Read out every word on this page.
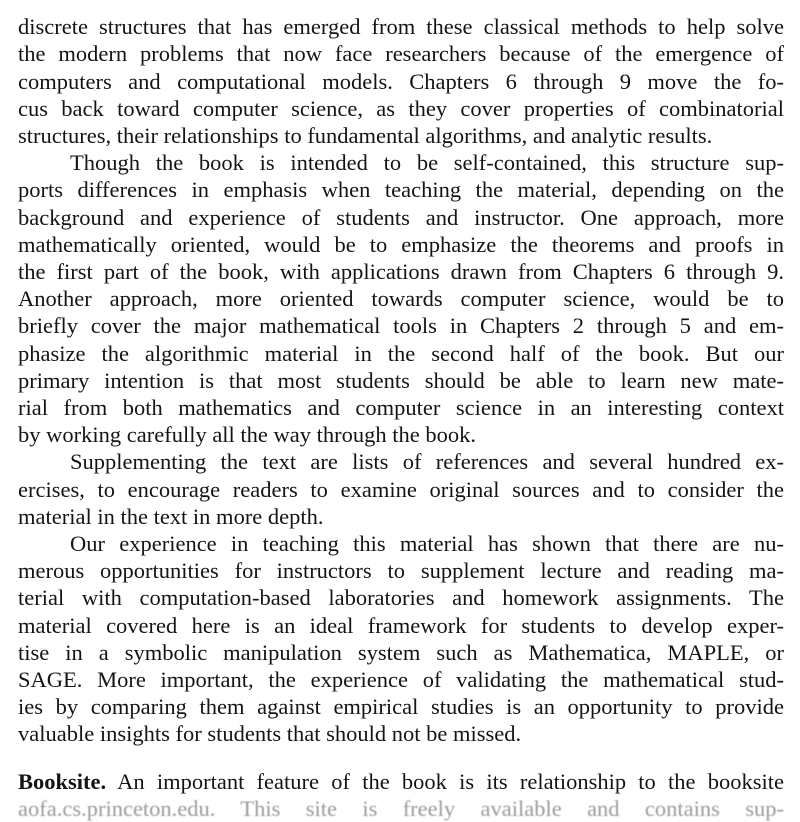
discrete structures that has emerged from these classical methods to help solve
the modern problems that now face researchers because of the emergence of
computers and computational models. Chapters 6 through 9 move the fo-
cus back toward computer science, as they cover properties of combinatorial
structures, their relationships to fundamental algorithms, and analytic results.

Though the book is intended to be self-contained, this structure sup-
ports differences in emphasis when teaching the material, depending on the
background and experience of students and instructor. One approach, more
mathematically oriented, would be to emphasize the theorems and proofs in
the first part of the book, with applications drawn from Chapters 6 through 9.
Another approach, more oriented towards computer science, would be to
briefly cover the major mathematical tools in Chapters 2 through 5 and em-
phasize the algorithmic material in the second half of the book. But our
primary intention is that most students should be able to learn new mate-
rial from both mathematics and computer science in an interesting context
by working carefully all the way through the book.

Supplementing the text are lists of references and several hundred ex-
ercises, to encourage readers to examine original sources and to consider the
material in the text in more depth.

Our experience in teaching this material has shown that there are nu-
merous opportunities for instructors to supplement lecture and reading ma-
terial with computation-based laboratories and homework assignments. The
material covered here is an ideal framework for students to develop exper-
tise in a symbolic manipulation system such as Mathematica, MAPLE, or
SAGE. More important, the experience of validating the mathematical stud-
ies by comparing them against empirical studies is an opportunity to provide
valuable insights for students that should not be missed.

Booksite. An important feature of the book is its relationship to the booksite
aofa.cs.princeton.edu. This site is freely available and contains sup-
